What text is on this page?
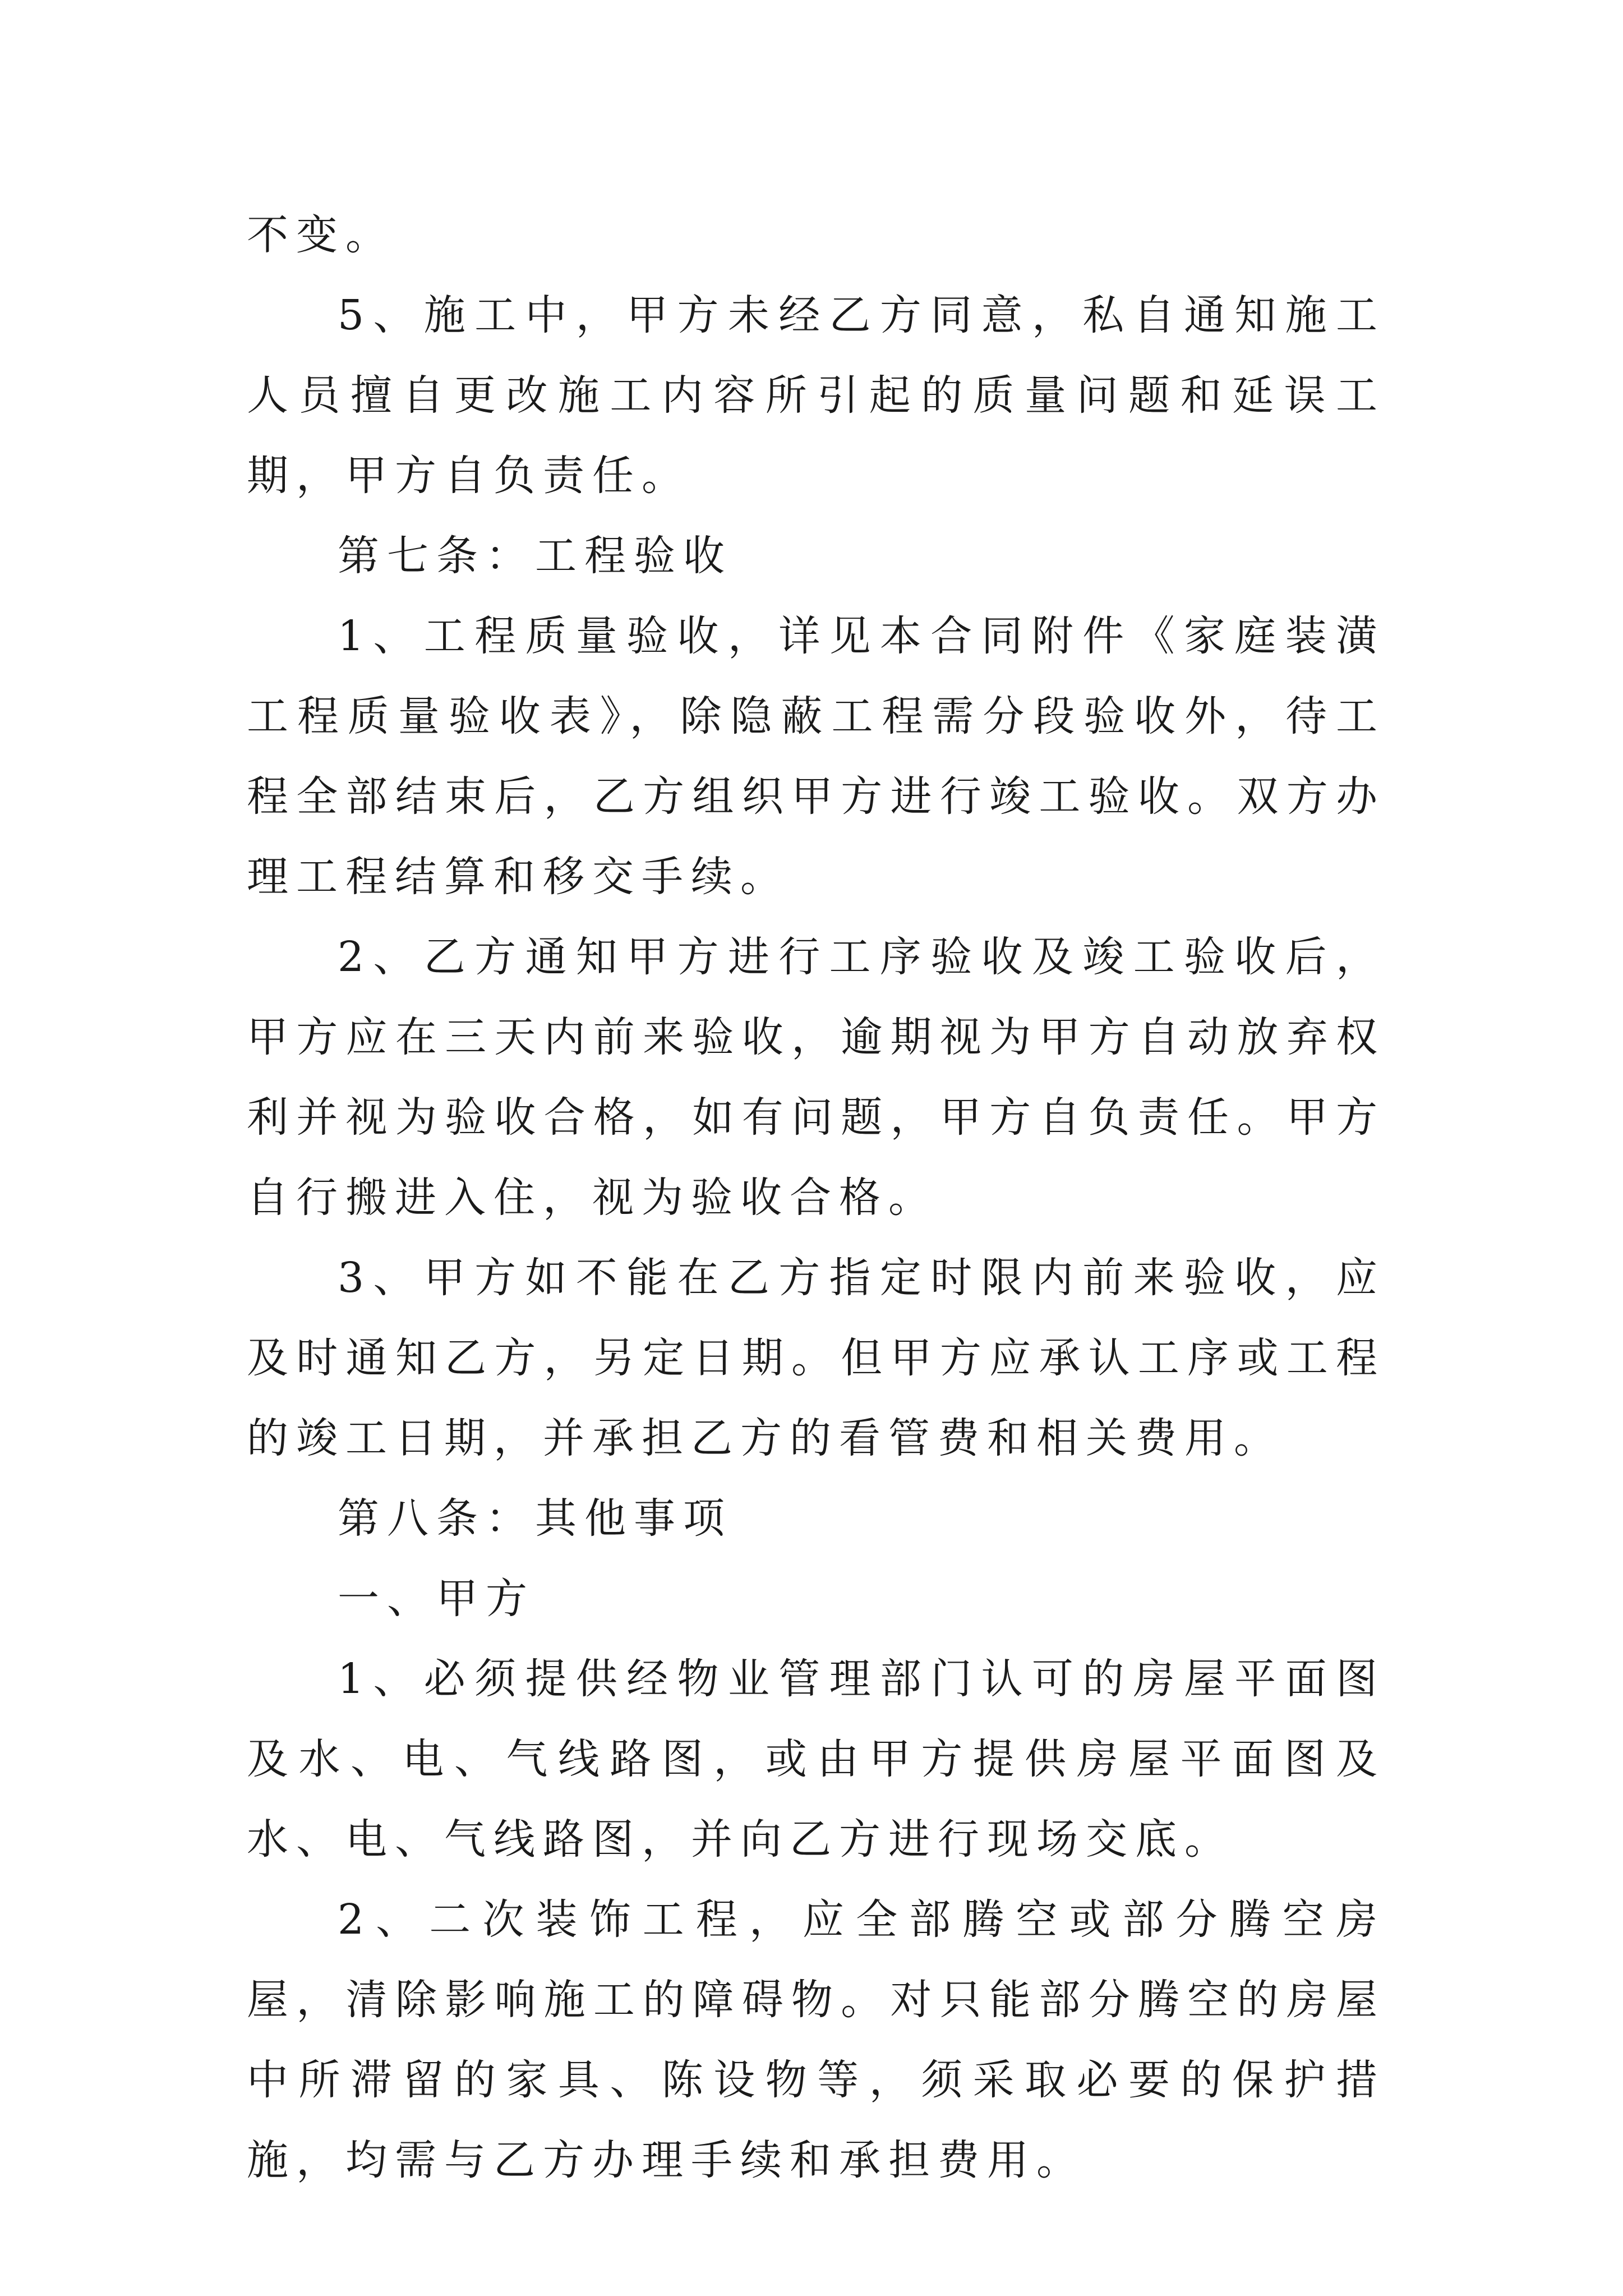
不变。

5、施工中，甲方未经乙方同意，私自通知施工人员擅自更改施工内容所引起的质量问题和延误工期，甲方自负责任。

第七条：工程验收

1、工程质量验收，详见本合同附件《家庭装潢工程质量验收表》，除隐蔽工程需分段验收外，待工程全部结束后，乙方组织甲方进行竣工验收。双方办理工程结算和移交手续。

2、乙方通知甲方进行工序验收及竣工验收后，甲方应在三天内前来验收，逾期视为甲方自动放弃权利并视为验收合格，如有问题，甲方自负责任。甲方自行搬进入住，视为验收合格。

3、甲方如不能在乙方指定时限内前来验收，应及时通知乙方，另定日期。但甲方应承认工序或工程的竣工日期，并承担乙方的看管费和相关费用。

第八条：其他事项

一、甲方

1、必须提供经物业管理部门认可的房屋平面图及水、电、气线路图，或由甲方提供房屋平面图及水、电、气线路图，并向乙方进行现场交底。

2、二次装饰工程，应全部腾空或部分腾空房屋，清除影响施工的障碍物。对只能部分腾空的房屋中所滞留的家具、陈设物等，须采取必要的保护措施，均需与乙方办理手续和承担费用。
